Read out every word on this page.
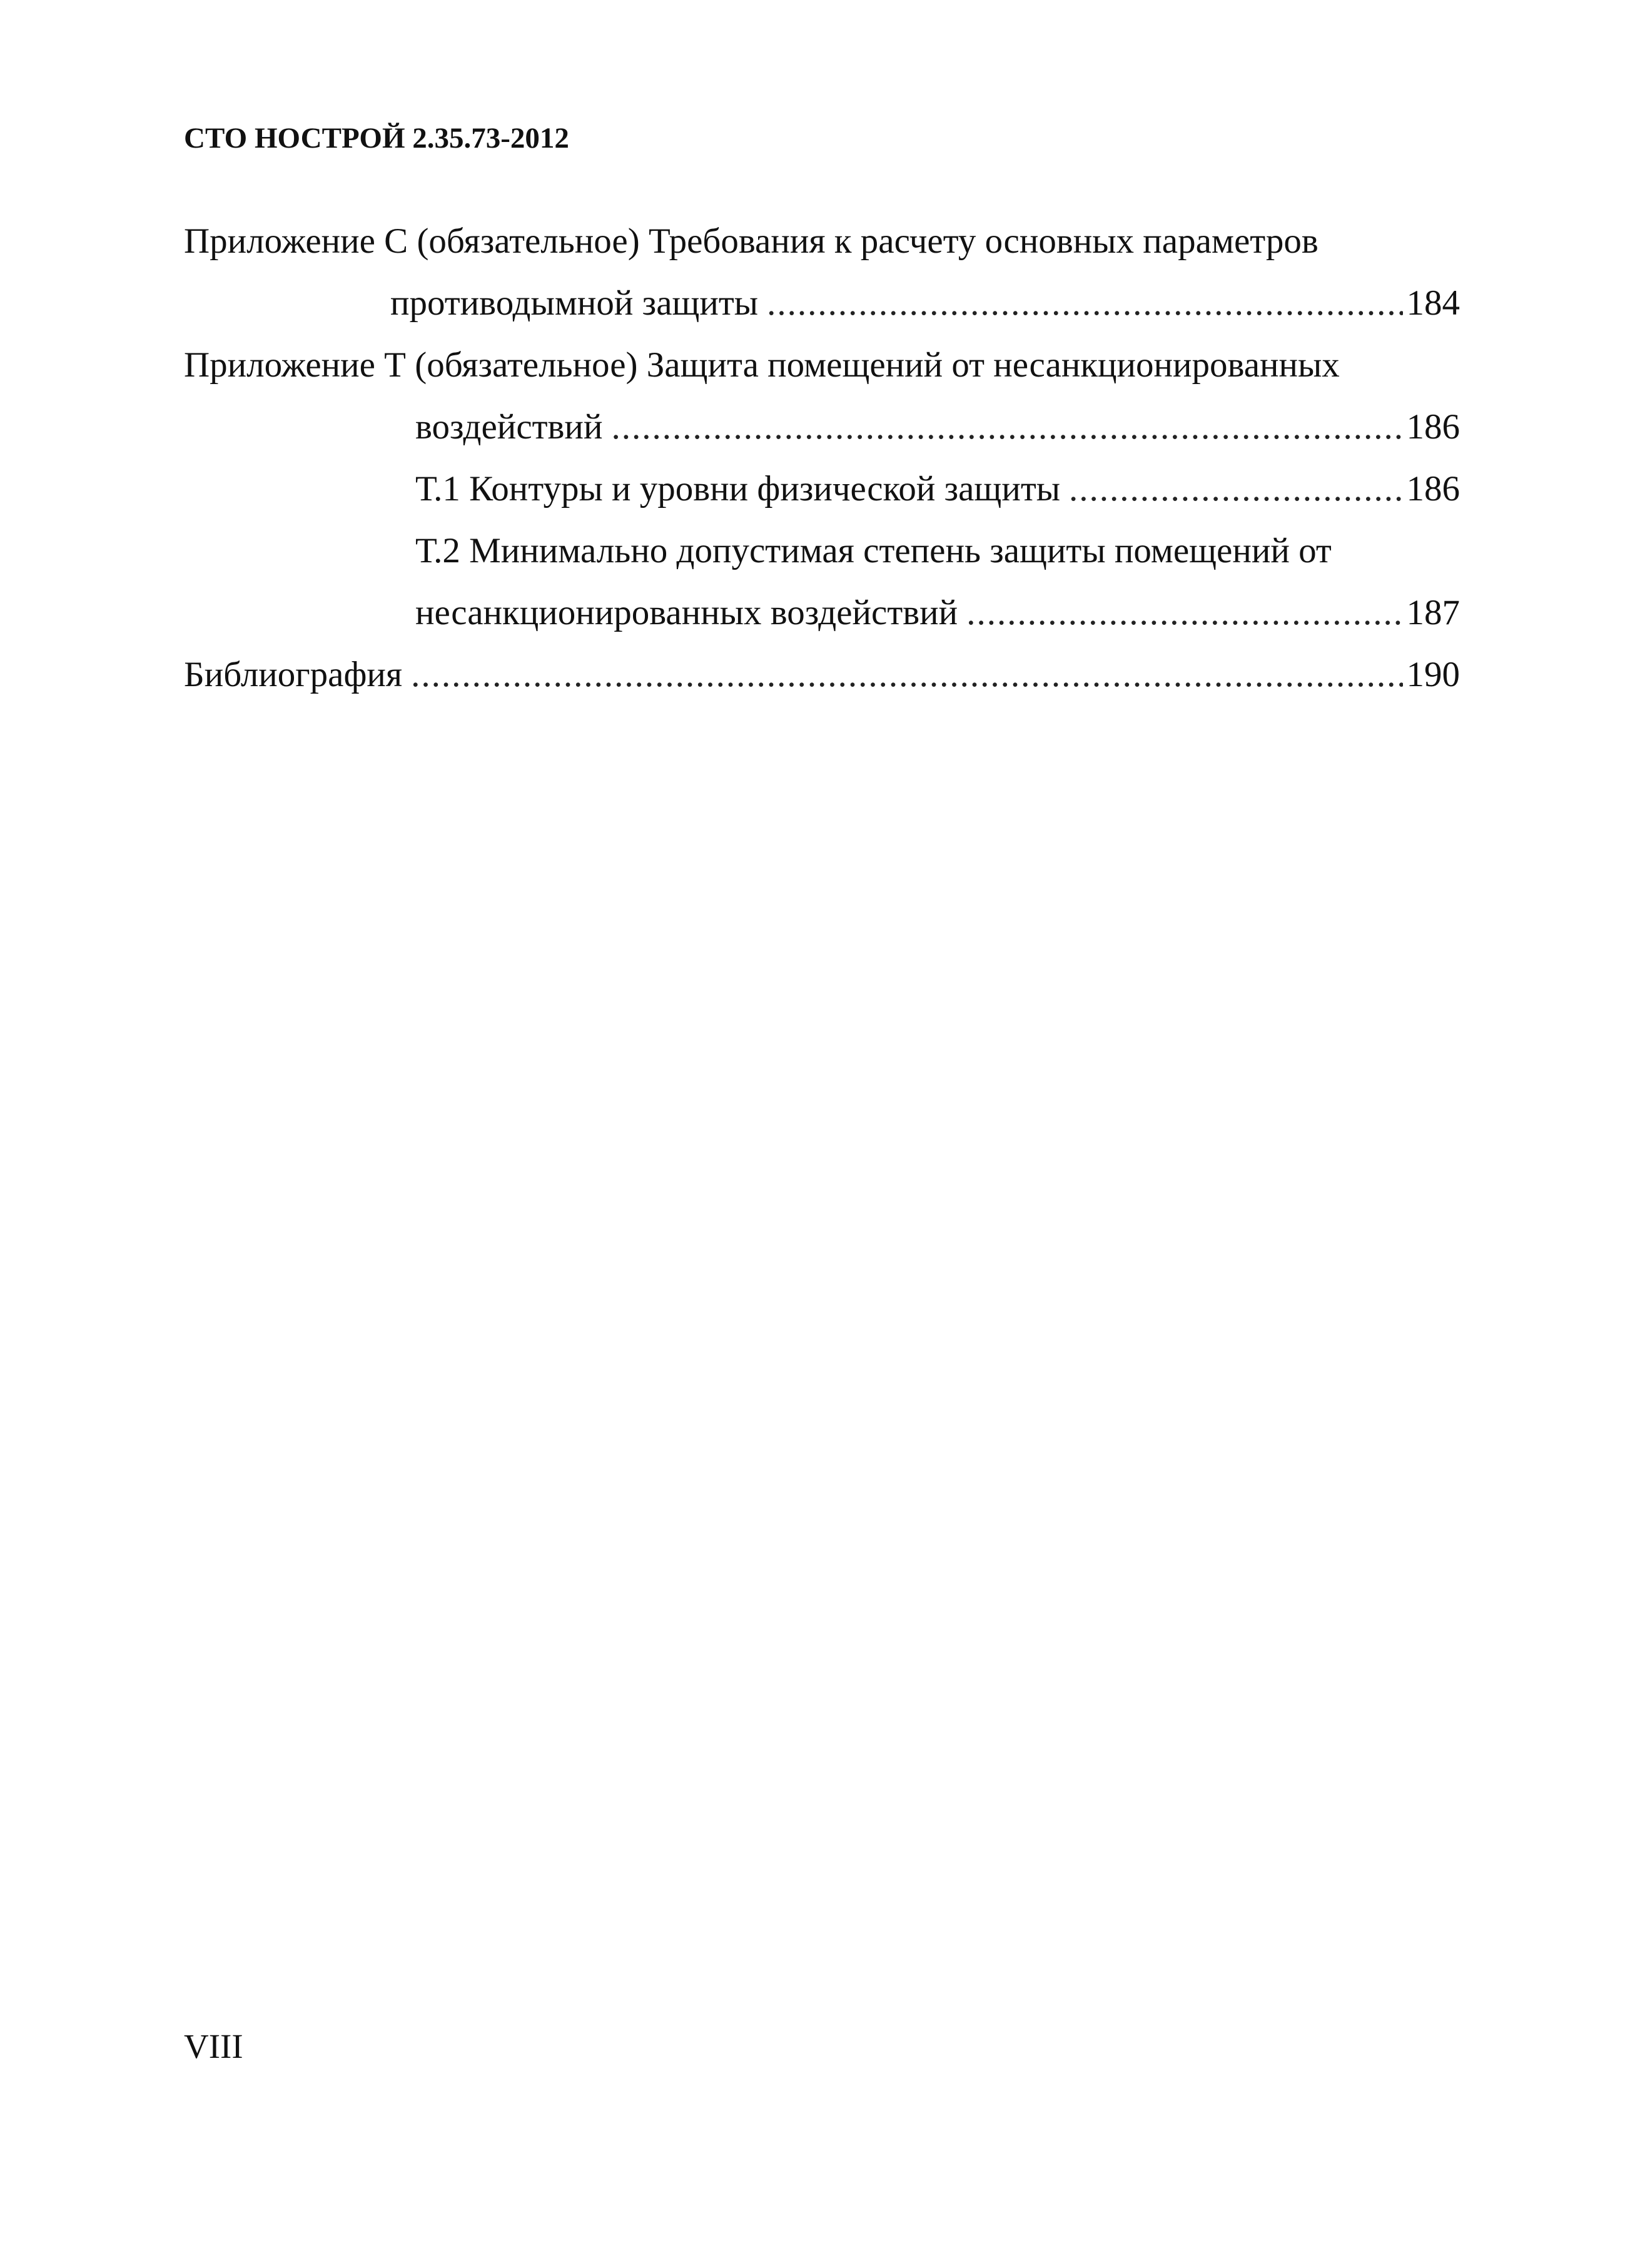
СТО НОСТРОЙ 2.35.73-2012
Приложение С (обязательное) Требования к расчету основных параметров
противодымной защиты .....	184
Приложение Т (обязательное) Защита помещений от несанкционированных
воздействий .....	186
Т.1 Контуры и уровни физической защиты .....	186
Т.2 Минимально допустимая степень защиты помещений от
несанкционированных воздействий .....	187
Библиография .....	190
VIII
